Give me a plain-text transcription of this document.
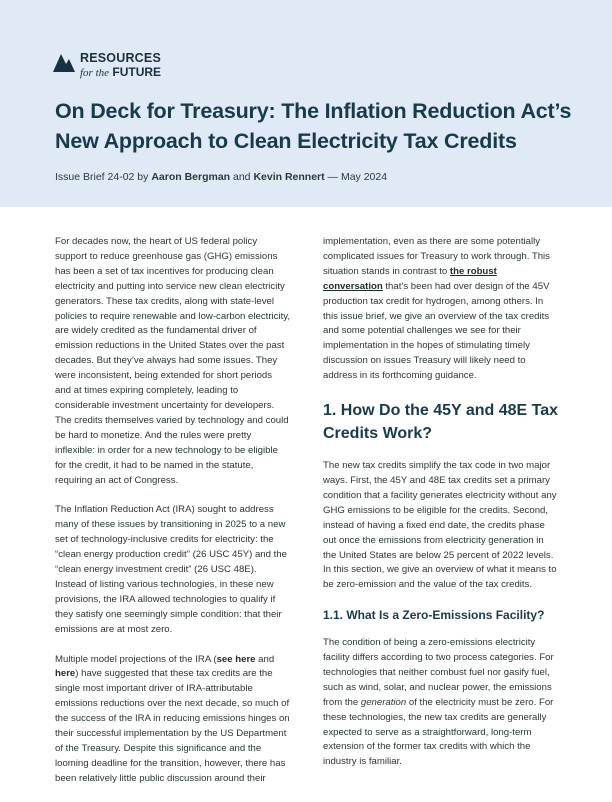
RESOURCES
for the FUTURE
On Deck for Treasury: The Inflation Reduction Act’s New Approach to Clean Electricity Tax Credits
Issue Brief 24-02 by Aaron Bergman and Kevin Rennert — May 2024

For decades now, the heart of US federal policy support to reduce greenhouse gas (GHG) emissions has been a set of tax incentives for producing clean electricity and putting into service new clean electricity generators. These tax credits, along with state-level policies to require renewable and low-carbon electricity, are widely credited as the fundamental driver of emission reductions in the United States over the past decades. But they’ve always had some issues. They were inconsistent, being extended for short periods and at times expiring completely, leading to considerable investment uncertainty for developers. The credits themselves varied by technology and could be hard to monetize. And the rules were pretty inflexible: in order for a new technology to be eligible for the credit, it had to be named in the statute, requiring an act of Congress.

The Inflation Reduction Act (IRA) sought to address many of these issues by transitioning in 2025 to a new set of technology-inclusive credits for electricity: the “clean energy production credit” (26 USC 45Y) and the “clean energy investment credit” (26 USC 48E). Instead of listing various technologies, in these new provisions, the IRA allowed technologies to qualify if they satisfy one seemingly simple condition: that their emissions are at most zero.

Multiple model projections of the IRA (see here and here) have suggested that these tax credits are the single most important driver of IRA-attributable emissions reductions over the next decade, so much of the success of the IRA in reducing emissions hinges on their successful implementation by the US Department of the Treasury. Despite this significance and the looming deadline for the transition, however, there has been relatively little public discussion around their

implementation, even as there are some potentially complicated issues for Treasury to work through. This situation stands in contrast to the robust conversation that’s been had over design of the 45V production tax credit for hydrogen, among others. In this issue brief, we give an overview of the tax credits and some potential challenges we see for their implementation in the hopes of stimulating timely discussion on issues Treasury will likely need to address in its forthcoming guidance.

1. How Do the 45Y and 48E Tax Credits Work?

The new tax credits simplify the tax code in two major ways. First, the 45Y and 48E tax credits set a primary condition that a facility generates electricity without any GHG emissions to be eligible for the credits. Second, instead of having a fixed end date, the credits phase out once the emissions from electricity generation in the United States are below 25 percent of 2022 levels. In this section, we give an overview of what it means to be zero-emission and the value of the tax credits.

1.1. What Is a Zero-Emissions Facility?

The condition of being a zero-emissions electricity facility differs according to two process categories. For technologies that neither combust fuel nor gasify fuel, such as wind, solar, and nuclear power, the emissions from the generation of the electricity must be zero. For these technologies, the new tax credits are generally expected to serve as a straightforward, long-term extension of the former tax credits with which the industry is familiar.
